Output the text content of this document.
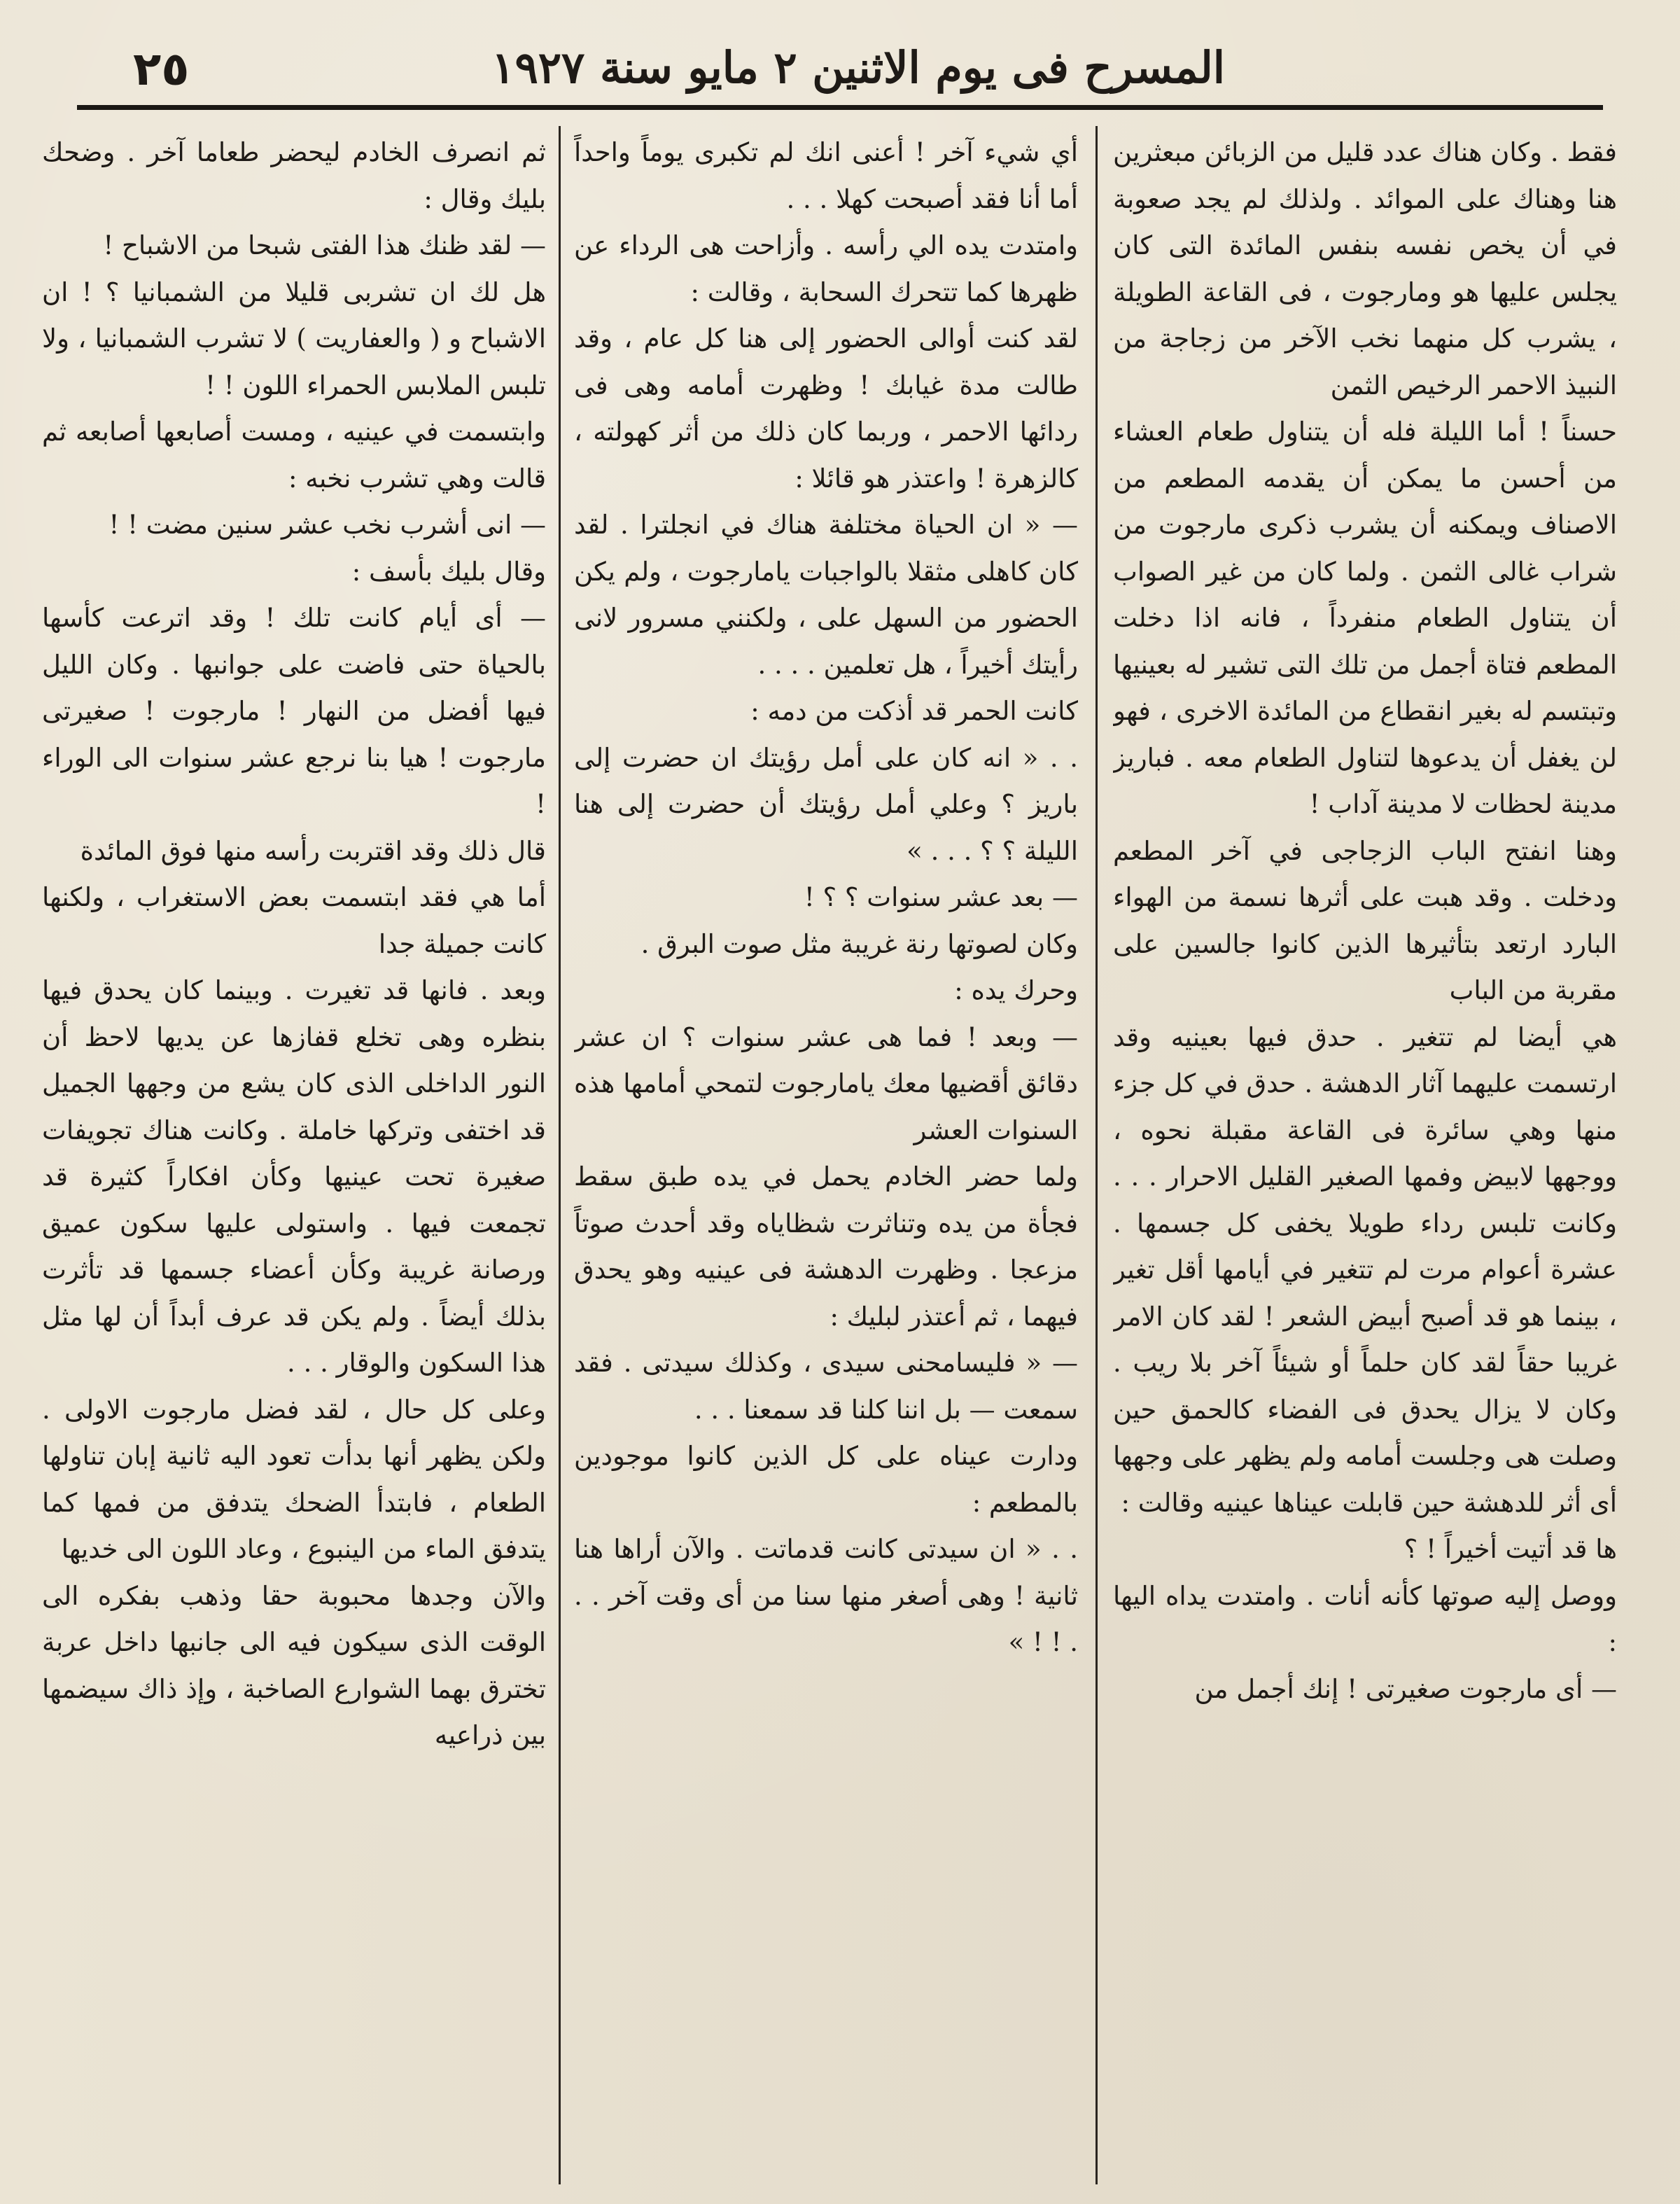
المسرح فى يوم الاثنين ٢ مايو سنة ١٩٢٧
٢٥

فقط . وكان هناك عدد قليل من الزبائن مبعثرين هنا وهناك على الموائد . ولذلك لم يجد صعوبة في أن يخص نفسه بنفس المائدة التى كان يجلس عليها هو ومارجوت ، فى القاعة الطويلة ، يشرب كل منهما نخب الآخر من زجاجة من النبيذ الاحمر الرخيص الثمن

حسناً ! أما الليلة فله أن يتناول طعام العشاء من أحسن ما يمكن أن يقدمه المطعم من الاصناف ويمكنه أن يشرب ذكرى مارجوت من شراب غالى الثمن . ولما كان من غير الصواب أن يتناول الطعام منفرداً ، فانه اذا دخلت المطعم فتاة أجمل من تلك التى تشير له بعينيها وتبتسم له بغير انقطاع من المائدة الاخرى ، فهو لن يغفل أن يدعوها لتناول الطعام معه . فباريز مدينة لحظات لا مدينة آداب !

وهنا انفتح الباب الزجاجى في آخر المطعم ودخلت . وقد هبت على أثرها نسمة من الهواء البارد ارتعد بتأثيرها الذين كانوا جالسين على مقربة من الباب

هي أيضا لم تتغير . حدق فيها بعينيه وقد ارتسمت عليهما آثار الدهشة . حدق في كل جزء منها وهي سائرة فى القاعة مقبلة نحوه ، ووجهها لابيض وفمها الصغير القليل الاحرار . . . وكانت تلبس رداء طويلا يخفى كل جسمها . عشرة أعوام مرت لم تتغير في أيامها أقل تغير ، بينما هو قد أصبح أبيض الشعر ! لقد كان الامر غريبا حقاً لقد كان حلماً أو شيئاً آخر بلا ريب . وكان لا يزال يحدق فى الفضاء كالحمق حين وصلت هى وجلست أمامه ولم يظهر على وجهها أى أثر للدهشة حين قابلت عيناها عينيه وقالت :

ها قد أتيت أخيراً ! ؟

ووصل إليه صوتها كأنه أنات . وامتدت يداه اليها :

— أى مارجوت صغيرتى ! إنك أجمل من

أي شيء آخر ! أعنى انك لم تكبرى يوماً واحداً أما أنا فقد أصبحت كهلا . . .

وامتدت يده الي رأسه . وأزاحت هى الرداء عن ظهرها كما تتحرك السحابة ، وقالت :

لقد كنت أوالى الحضور إلى هنا كل عام ، وقد طالت مدة غيابك ! وظهرت أمامه وهى فى ردائها الاحمر ، وربما كان ذلك من أثر كهولته ، كالزهرة ! واعتذر هو قائلا :

— « ان الحياة مختلفة هناك في انجلترا . لقد كان كاهلى مثقلا بالواجبات يامارجوت ، ولم يكن الحضور من السهل على ، ولكنني مسرور لانى رأيتك أخيراً ، هل تعلمين . . . .

كانت الحمر قد أذكت من دمه :

. . « انه كان على أمل رؤيتك ان حضرت إلى باريز ؟ وعلي أمل رؤيتك أن حضرت إلى هنا الليلة ؟ ؟ . . . »

— بعد عشر سنوات ؟ ؟ !

وكان لصوتها رنة غريبة مثل صوت البرق .

وحرك يده :

— وبعد ! فما هى عشر سنوات ؟ ان عشر دقائق أقضيها معك يامارجوت لتمحي أمامها هذه السنوات العشر

ولما حضر الخادم يحمل في يده طبق سقط فجأة من يده وتناثرت شظاياه وقد أحدث صوتاً مزعجا . وظهرت الدهشة فى عينيه وهو يحدق فيهما ، ثم أعتذر لبليك :

— « فليسامحنى سيدى ، وكذلك سيدتى . فقد سمعت — بل اننا كلنا قد سمعنا . . .

ودارت عيناه على كل الذين كانوا موجودين بالمطعم :

. . « ان سيدتى كانت قدماتت . والآن أراها هنا ثانية ! وهى أصغر منها سنا من أى وقت آخر . . . ! ! »

ثم انصرف الخادم ليحضر طعاما آخر . وضحك بليك وقال :

— لقد ظنك هذا الفتى شبحا من الاشباح !

هل لك ان تشربى قليلا من الشمبانيا ؟ ! ان الاشباح و ( والعفاريت ) لا تشرب الشمبانيا ، ولا تلبس الملابس الحمراء اللون ! !

وابتسمت في عينيه ، ومست أصابعها أصابعه ثم قالت وهي تشرب نخبه :

— انى أشرب نخب عشر سنين مضت ! !

وقال بليك بأسف :

— أى أيام كانت تلك ! وقد اترعت كأسها بالحياة حتى فاضت على جوانبها . وكان الليل فيها أفضل من النهار ! مارجوت ! صغيرتى مارجوت ! هيا بنا نرجع عشر سنوات الى الوراء !

قال ذلك وقد اقتربت رأسه منها فوق المائدة

أما هي فقد ابتسمت بعض الاستغراب ، ولكنها كانت جميلة جدا

وبعد . فانها قد تغيرت . وبينما كان يحدق فيها بنظره وهى تخلع قفازها عن يديها لاحظ أن النور الداخلى الذى كان يشع من وجهها الجميل قد اختفى وتركها خاملة . وكانت هناك تجويفات صغيرة تحت عينيها وكأن افكاراً كثيرة قد تجمعت فيها . واستولى عليها سكون عميق ورصانة غريبة وكأن أعضاء جسمها قد تأثرت بذلك أيضاً . ولم يكن قد عرف أبداً أن لها مثل هذا السكون والوقار . . .

وعلى كل حال ، لقد فضل مارجوت الاولى . ولكن يظهر أنها بدأت تعود اليه ثانية إبان تناولها الطعام ، فابتدأ الضحك يتدفق من فمها كما يتدفق الماء من الينبوع ، وعاد اللون الى خديها

والآن وجدها محبوبة حقا وذهب بفكره الى الوقت الذى سيكون فيه الى جانبها داخل عربة تخترق بهما الشوارع الصاخبة ، وإذ ذاك سيضمها بين ذراعيه
